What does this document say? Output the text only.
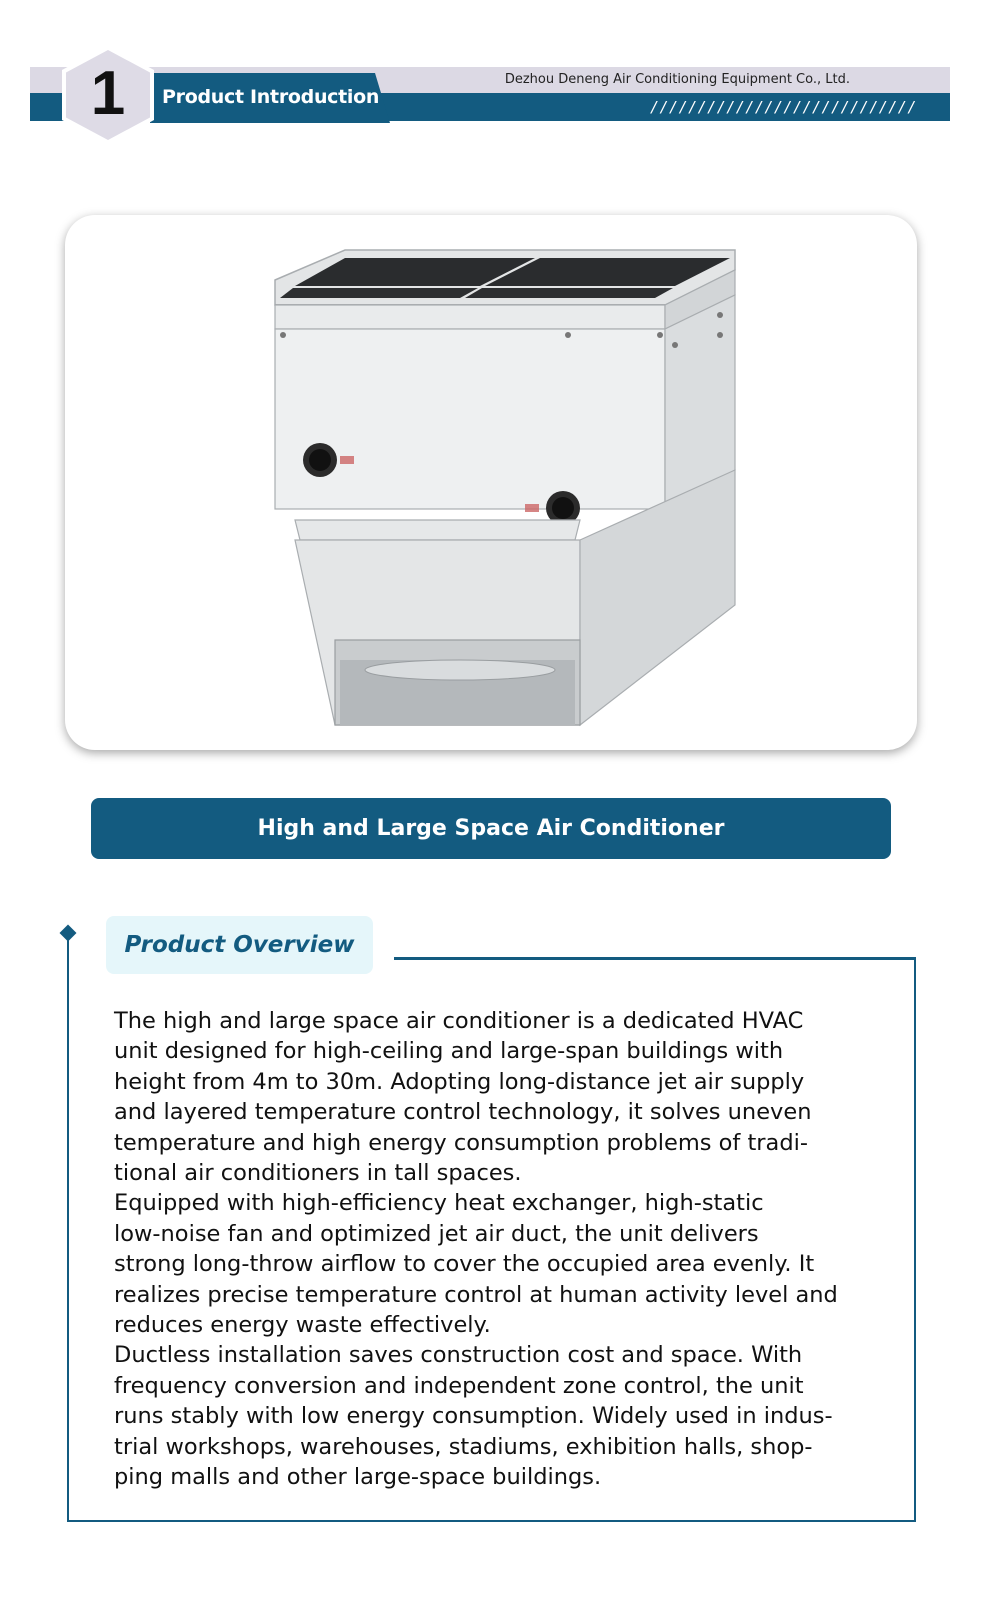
Product Introduction
Dezhou Deneng Air Conditioning Equipment Co., Ltd.
////////////////////////////
1
High and Large Space Air Conditioner
Product Overview
The high and large space air conditioner is a dedicated HVAC
unit designed for high-ceiling and large-span buildings with
height from 4m to 30m. Adopting long-distance jet air supply
and layered temperature control technology, it solves uneven
temperature and high energy consumption problems of tradi-
tional air conditioners in tall spaces.
Equipped with high-efficiency heat exchanger, high-static
low-noise fan and optimized jet air duct, the unit delivers
strong long-throw airflow to cover the occupied area evenly. It
realizes precise temperature control at human activity level and
reduces energy waste effectively.
Ductless installation saves construction cost and space. With
frequency conversion and independent zone control, the unit
runs stably with low energy consumption. Widely used in indus-
trial workshops, warehouses, stadiums, exhibition halls, shop-
ping malls and other large-space buildings.
